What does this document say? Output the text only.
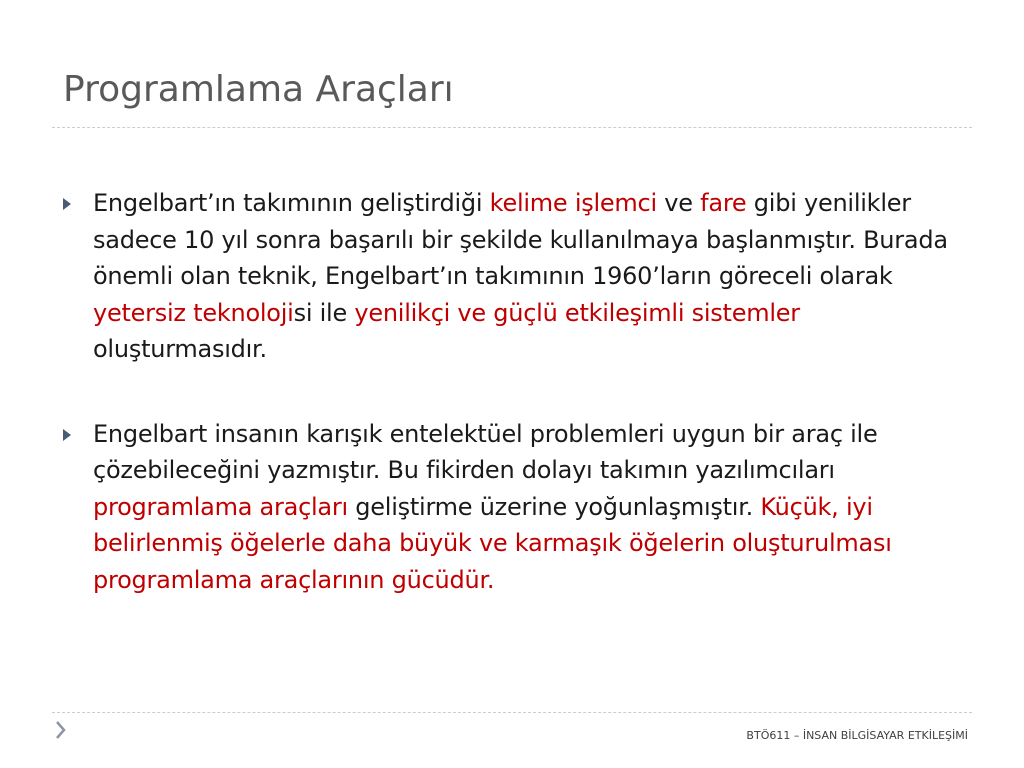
Programlama Araçları
Engelbart’ın takımının geliştirdiği kelime işlemci ve fare gibi yenilikler sadece 10 yıl sonra başarılı bir şekilde kullanılmaya başlanmıştır. Burada önemli olan teknik, Engelbart’ın takımının 1960’ların göreceli olarak yetersiz teknolojisi ile yenilikçi ve güçlü etkileşimli sistemler oluşturmasıdır.
Engelbart insanın karışık entelektüel problemleri uygun bir araç ile çözebileceğini yazmıştır. Bu fikirden dolayı takımın yazılımcıları programlama araçları geliştirme üzerine yoğunlaşmıştır. Küçük, iyi belirlenmiş öğelerle daha büyük ve karmaşık öğelerin oluşturulması programlama araçlarının gücüdür.
BTÖ611 – İNSAN BİLGİSAYAR ETKİLEŞİMİ
